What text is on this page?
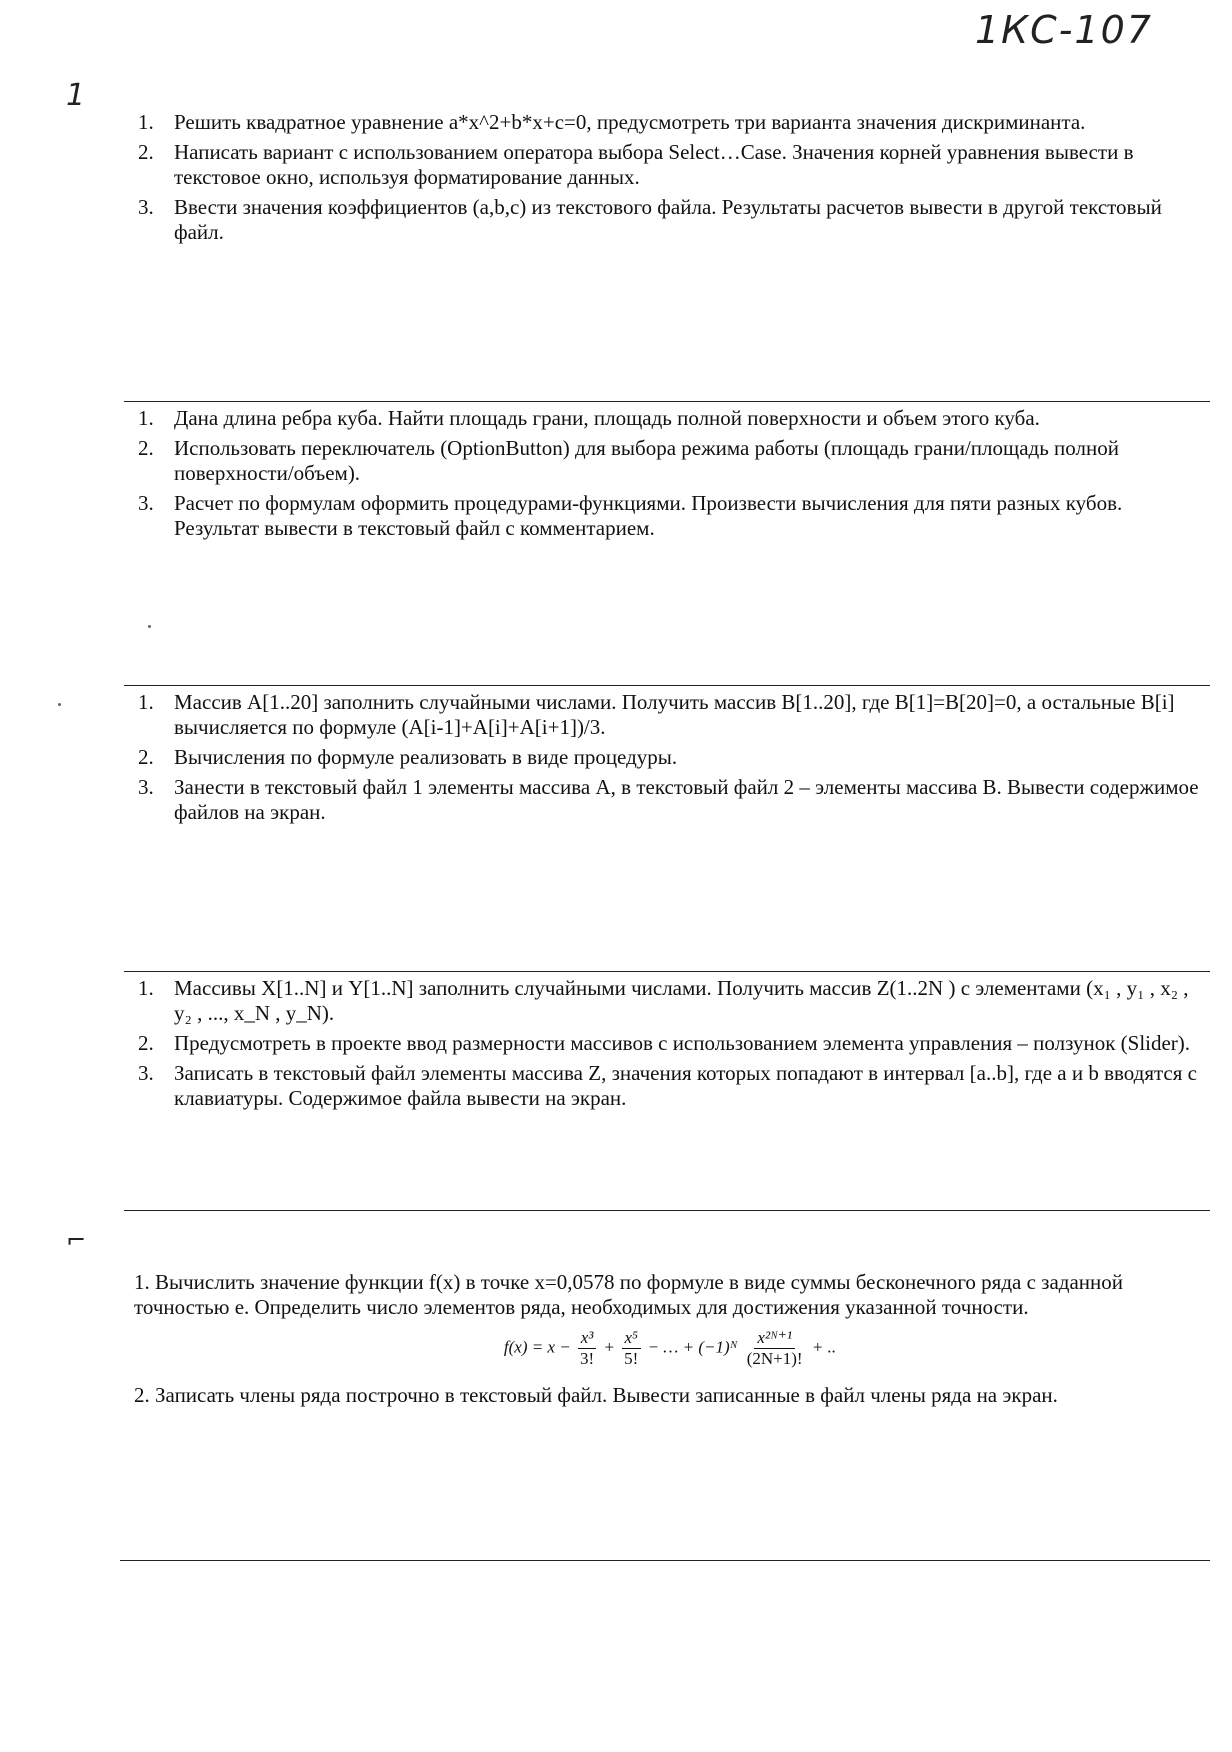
1КС-107
1
1. Решить квадратное уравнение a*x^2+b*x+c=0, предусмотреть три варианта значения дискриминанта.
2. Написать вариант с использованием оператора выбора Select…Case. Значения корней уравнения вывести в текстовое окно, используя форматирование данных.
3. Ввести значения коэффициентов (a,b,c) из текстового файла. Результаты расчетов вывести в другой текстовый файл.
1. Дана длина ребра куба. Найти площадь грани, площадь полной поверхности и объем этого куба.
2. Использовать переключатель (OptionButton) для выбора режима работы (площадь грани/площадь полной поверхности/объем).
3. Расчет по формулам оформить процедурами-функциями. Произвести вычисления для пяти разных кубов. Результат вывести в текстовый файл с комментарием.
1. Массив А[1..20] заполнить случайными числами. Получить массив В[1..20], где В[1]=В[20]=0, а остальные В[i] вычисляется по формуле (А[i-1]+А[i]+А[i+1])/3.
2. Вычисления по формуле реализовать в виде процедуры.
3. Занести в текстовый файл 1 элементы массива А, в текстовый файл 2 – элементы массива В. Вывести содержимое файлов на экран.
1. Массивы X[1..N] и Y[1..N] заполнить случайными числами. Получить массив Z(1..2N ) с элементами (x₁ , y₁ , x₂ , y₂ , ..., x_N , y_N).
2. Предусмотреть в проекте ввод размерности массивов с использованием элемента управления – ползунок (Slider).
3. Записать в текстовый файл элементы массива Z, значения которых попадают в интервал [a..b], где a и b вводятся с клавиатуры. Содержимое файла вывести на экран.
⌐
1. Вычислить значение функции f(x) в точке x=0,0578 по формуле в виде суммы бесконечного ряда с заданной точностью e. Определить число элементов ряда, необходимых для достижения указанной точности.
$f(x) = x - \frac{\text{x³}}{3!} + \frac{\text{x⁵}}{5!}$ − … + (−1)ᴺ $\frac{\text{x²ᴺ⁺¹}}{(2N+1)!}$ + ..
2. Записать члены ряда построчно в текстовый файл. Вывести записанные в файл члены ряда на экран.
